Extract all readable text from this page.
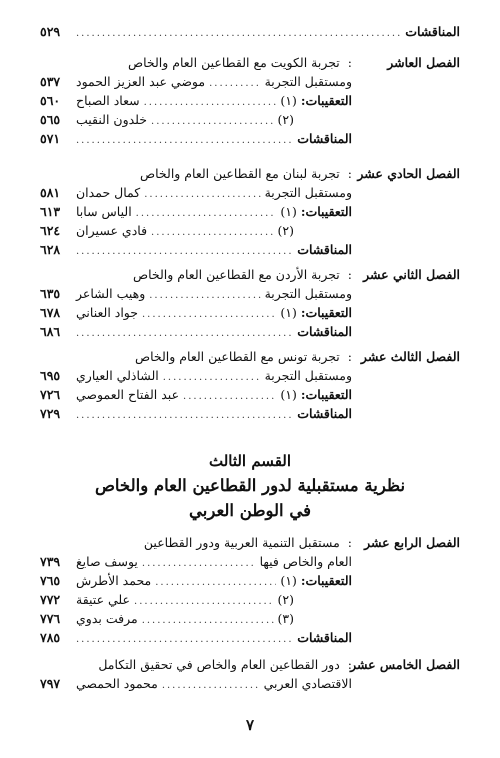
المناقشات
.....
٥٢٩
الفصل العاشر
: تجربة الكويت مع القطاعين العام والخاص
ومستقبل التجربة
.....
موضي عبد العزيز الحمود
٥٣٧
التعقيبات: (١)
.....
سعاد الصباح
٥٦٠
(٢)
.....
خلدون النقيب
٥٦٥
المناقشات
.....
٥٧١
الفصل الحادي عشر
: تجربة لبنان مع القطاعين العام والخاص
ومستقبل التجربة
.....
كمال حمدان
٥٨١
التعقيبات: (١)
.....
الياس سابا
٦١٣
(٢)
.....
فادي عسيران
٦٢٤
المناقشات
.....
٦٢٨
الفصل الثاني عشر
: تجربة الأردن مع القطاعين العام والخاص
ومستقبل التجربة
.....
وهيب الشاعر
٦٣٥
التعقيبات: (١)
.....
جواد العناني
٦٧٨
المناقشات
.....
٦٨٦
الفصل الثالث عشر
: تجربة تونس مع القطاعين العام والخاص
ومستقبل التجربة
.....
الشاذلي العياري
٦٩٥
التعقيبات: (١)
.....
عبد الفتاح العموصي
٧٢٦
المناقشات
.....
٧٢٩
القسم الثالث
نظرية مستقبلية لدور القطاعين العام والخاص
في الوطن العربي
الفصل الرابع عشر
: مستقبل التنمية العربية ودور القطاعين
العام والخاص فيها
.....
يوسف صايغ
٧٣٩
التعقيبات: (١)
.....
محمد الأطرش
٧٦٥
(٢)
.....
علي عتيقة
٧٧٢
(٣)
.....
مرفت بدوي
٧٧٦
المناقشات
.....
٧٨٥
الفصل الخامس عشر
: دور القطاعين العام والخاص في تحقيق التكامل
الاقتصادي العربي
.....
محمود الحمصي
٧٩٧
٧
